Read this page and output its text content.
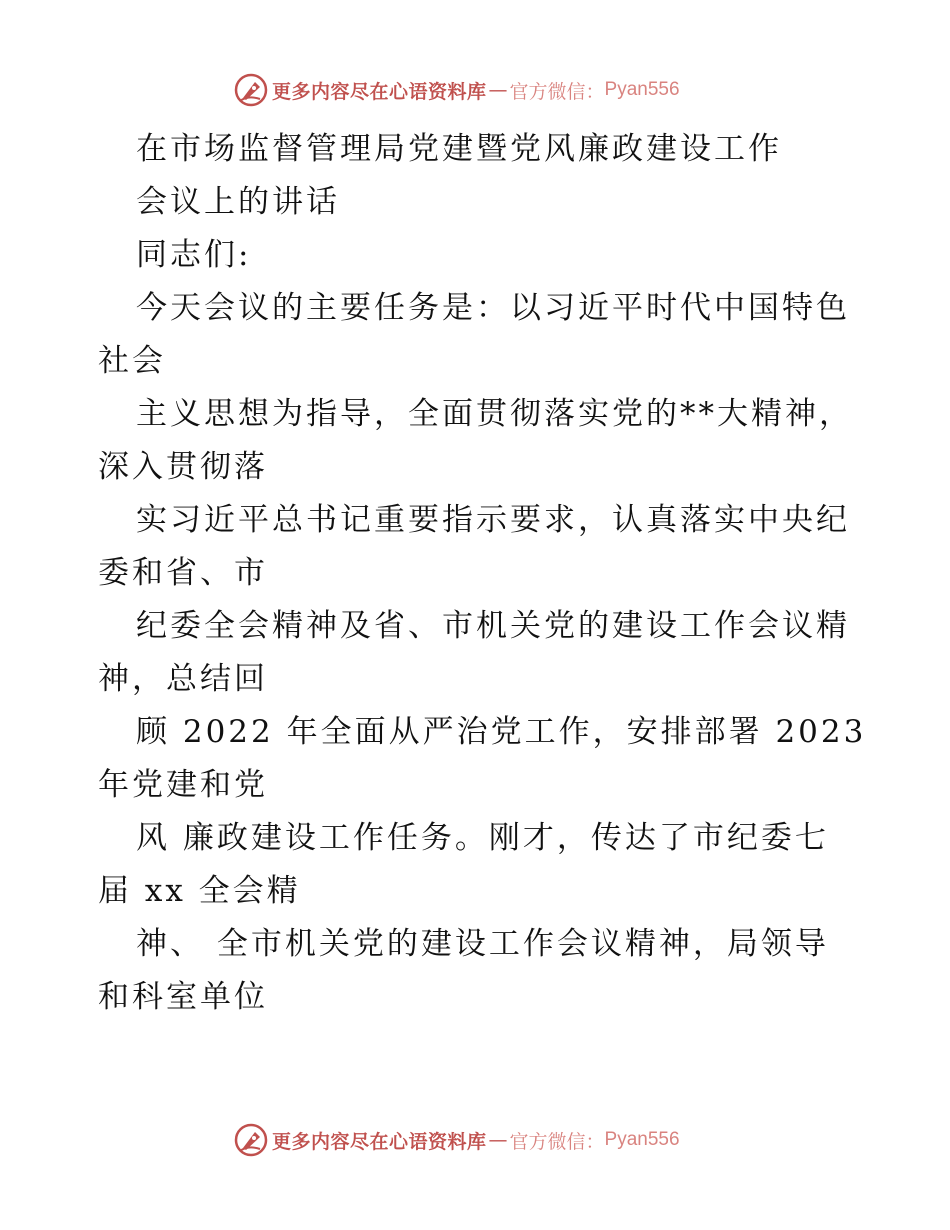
更多内容尽在心语资料库 — 官方微信： Pyan556
在市场监督管理局党建暨党风廉政建设工作
会议上的讲话
同志们:
今天会议的主要任务是：以习近平时代中国特色
社会
主义思想为指导，全面贯彻落实党的**大精神，
深入贯彻落
实习近平总书记重要指示要求，认真落实中央纪
委和省、市
纪委全会精神及省、市机关党的建设工作会议精
神，总结回
顾 2022 年全面从严治党工作，安排部署 2023
年党建和党
风 廉政建设工作任务。刚才，传达了市纪委七
届 xx 全会精
神、 全市机关党的建设工作会议精神，局领导
和科室单位
更多内容尽在心语资料库 — 官方微信： Pyan556
